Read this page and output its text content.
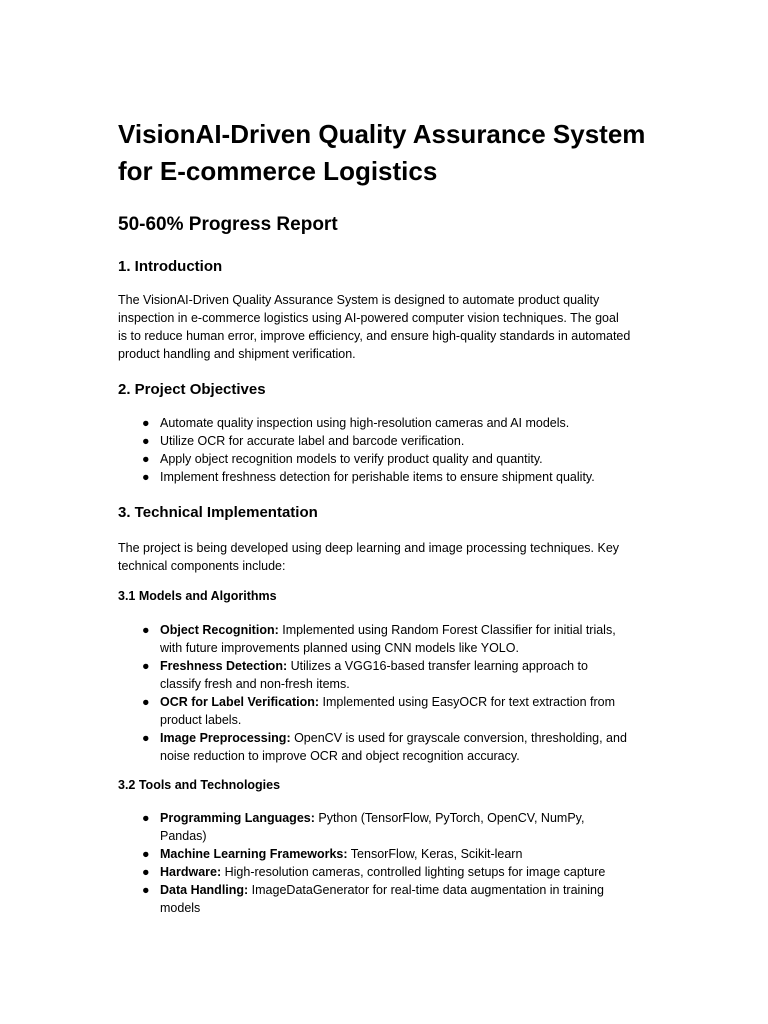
VisionAI-Driven Quality Assurance System for E-commerce Logistics
50-60% Progress Report
1. Introduction

The VisionAI-Driven Quality Assurance System is designed to automate product quality
inspection in e-commerce logistics using AI-powered computer vision techniques. The goal
is to reduce human error, improve efficiency, and ensure high-quality standards in automated
product handling and shipment verification.

2. Project Objectives
● Automate quality inspection using high-resolution cameras and AI models.
● Utilize OCR for accurate label and barcode verification.
● Apply object recognition models to verify product quality and quantity.
● Implement freshness detection for perishable items to ensure shipment quality.
3. Technical Implementation

The project is being developed using deep learning and image processing techniques. Key
technical components include:

3.1 Models and Algorithms
● Object Recognition: Implemented using Random Forest Classifier for initial trials,
with future improvements planned using CNN models like YOLO.
● Freshness Detection: Utilizes a VGG16-based transfer learning approach to
classify fresh and non-fresh items.
● OCR for Label Verification: Implemented using EasyOCR for text extraction from
product labels.
● Image Preprocessing: OpenCV is used for grayscale conversion, thresholding, and
noise reduction to improve OCR and object recognition accuracy.
3.2 Tools and Technologies
● Programming Languages: Python (TensorFlow, PyTorch, OpenCV, NumPy,
Pandas)
● Machine Learning Frameworks: TensorFlow, Keras, Scikit-learn
● Hardware: High-resolution cameras, controlled lighting setups for image capture
● Data Handling: ImageDataGenerator for real-time data augmentation in training
models
